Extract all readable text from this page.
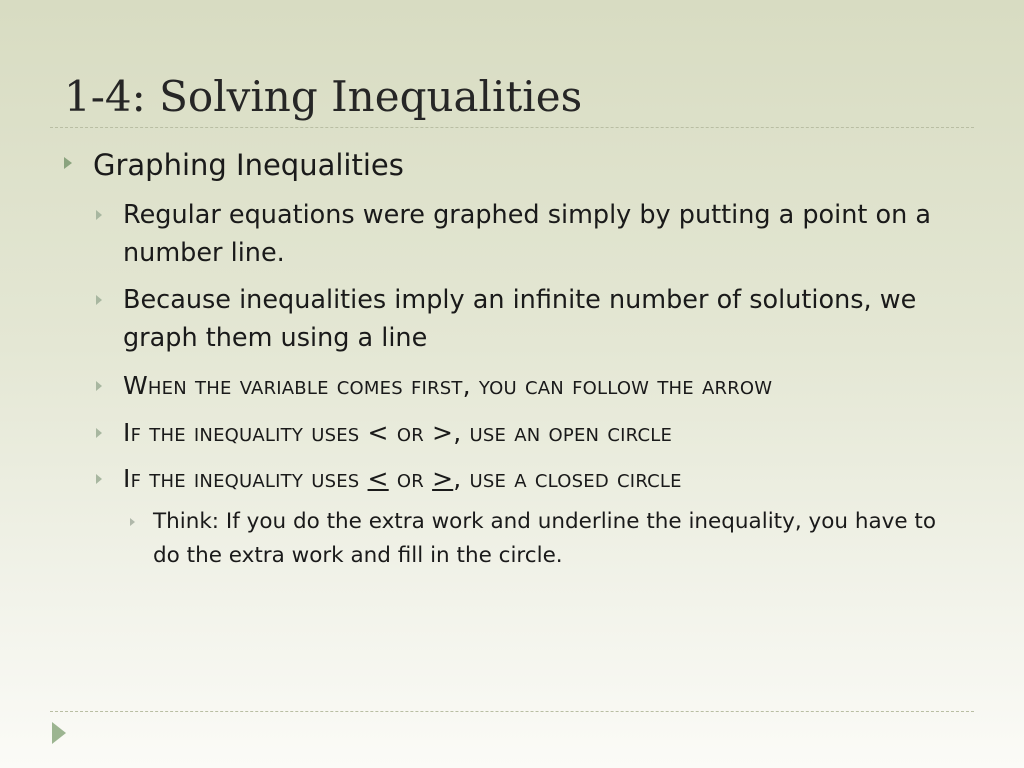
1-4: Solving Inequalities
Graphing Inequalities
Regular equations were graphed simply by putting a point on a number line.
Because inequalities imply an infinite number of solutions, we graph them using a line
When the variable comes first, you can follow the arrow
If the inequality uses < or >, use an open circle
If the inequality uses < or >, use a closed circle
Think: If you do the extra work and underline the inequality, you have to do the extra work and fill in the circle.
